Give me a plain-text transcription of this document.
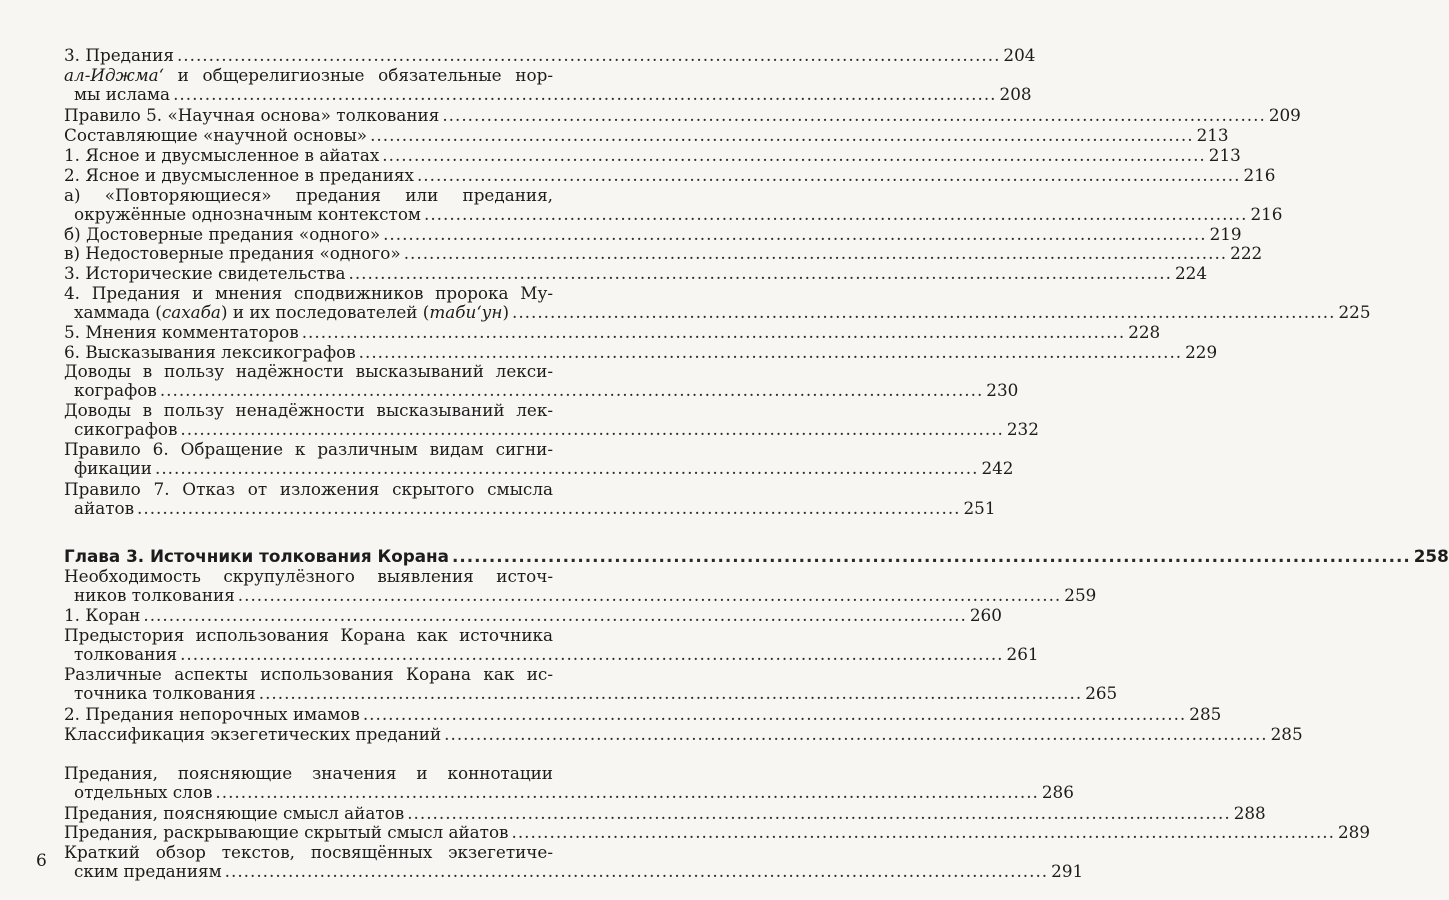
3. Предания .................................................................................................................................. 204
ал-Иджма‘ и общерелигиозные обязательные нор-
мы ислама .................................................................................................................................. 208
Правило 5. «Научная основа» толкования .................................................................................................................................. 209
Составляющие «научной основы» .................................................................................................................................. 213
1. Ясное и двусмысленное в айатах .................................................................................................................................. 213
2. Ясное и двусмысленное в преданиях .................................................................................................................................. 216
а) «Повторяющиеся» предания или предания,
окружённые однозначным контекстом .................................................................................................................................. 216
б) Достоверные предания «одного» .................................................................................................................................. 219
в) Недостоверные предания «одного» .................................................................................................................................. 222
3. Исторические свидетельства .................................................................................................................................. 224
4. Предания и мнения сподвижников пророка Му-
хаммада (сахаба) и их последователей (таби‘ун) .................................................................................................................................. 225
5. Мнения комментаторов .................................................................................................................................. 228
6. Высказывания лексикографов .................................................................................................................................. 229
Доводы в пользу надёжности высказываний лекси-
кографов .................................................................................................................................. 230
Доводы в пользу ненадёжности высказываний лек-
сикографов .................................................................................................................................. 232
Правило 6. Обращение к различным видам сигни-
фикации .................................................................................................................................. 242
Правило 7. Отказ от изложения скрытого смысла
айатов .................................................................................................................................. 251
Глава 3. Источники толкования Корана .................................................................................................................................. 258
Необходимость скрупулёзного выявления источ-
ников толкования .................................................................................................................................. 259
1. Коран .................................................................................................................................. 260
Предыстория использования Корана как источника
толкования .................................................................................................................................. 261
Различные аспекты использования Корана как ис-
точника толкования .................................................................................................................................. 265
2. Предания непорочных имамов .................................................................................................................................. 285
Классификация экзегетических преданий .................................................................................................................................. 285
Предания, поясняющие значения и коннотации
отдельных слов .................................................................................................................................. 286
Предания, поясняющие смысл айатов .................................................................................................................................. 288
Предания, раскрывающие скрытый смысл айатов .................................................................................................................................. 289
Краткий обзор текстов, посвящённых экзегетиче-
ским преданиям .................................................................................................................................. 291
6
